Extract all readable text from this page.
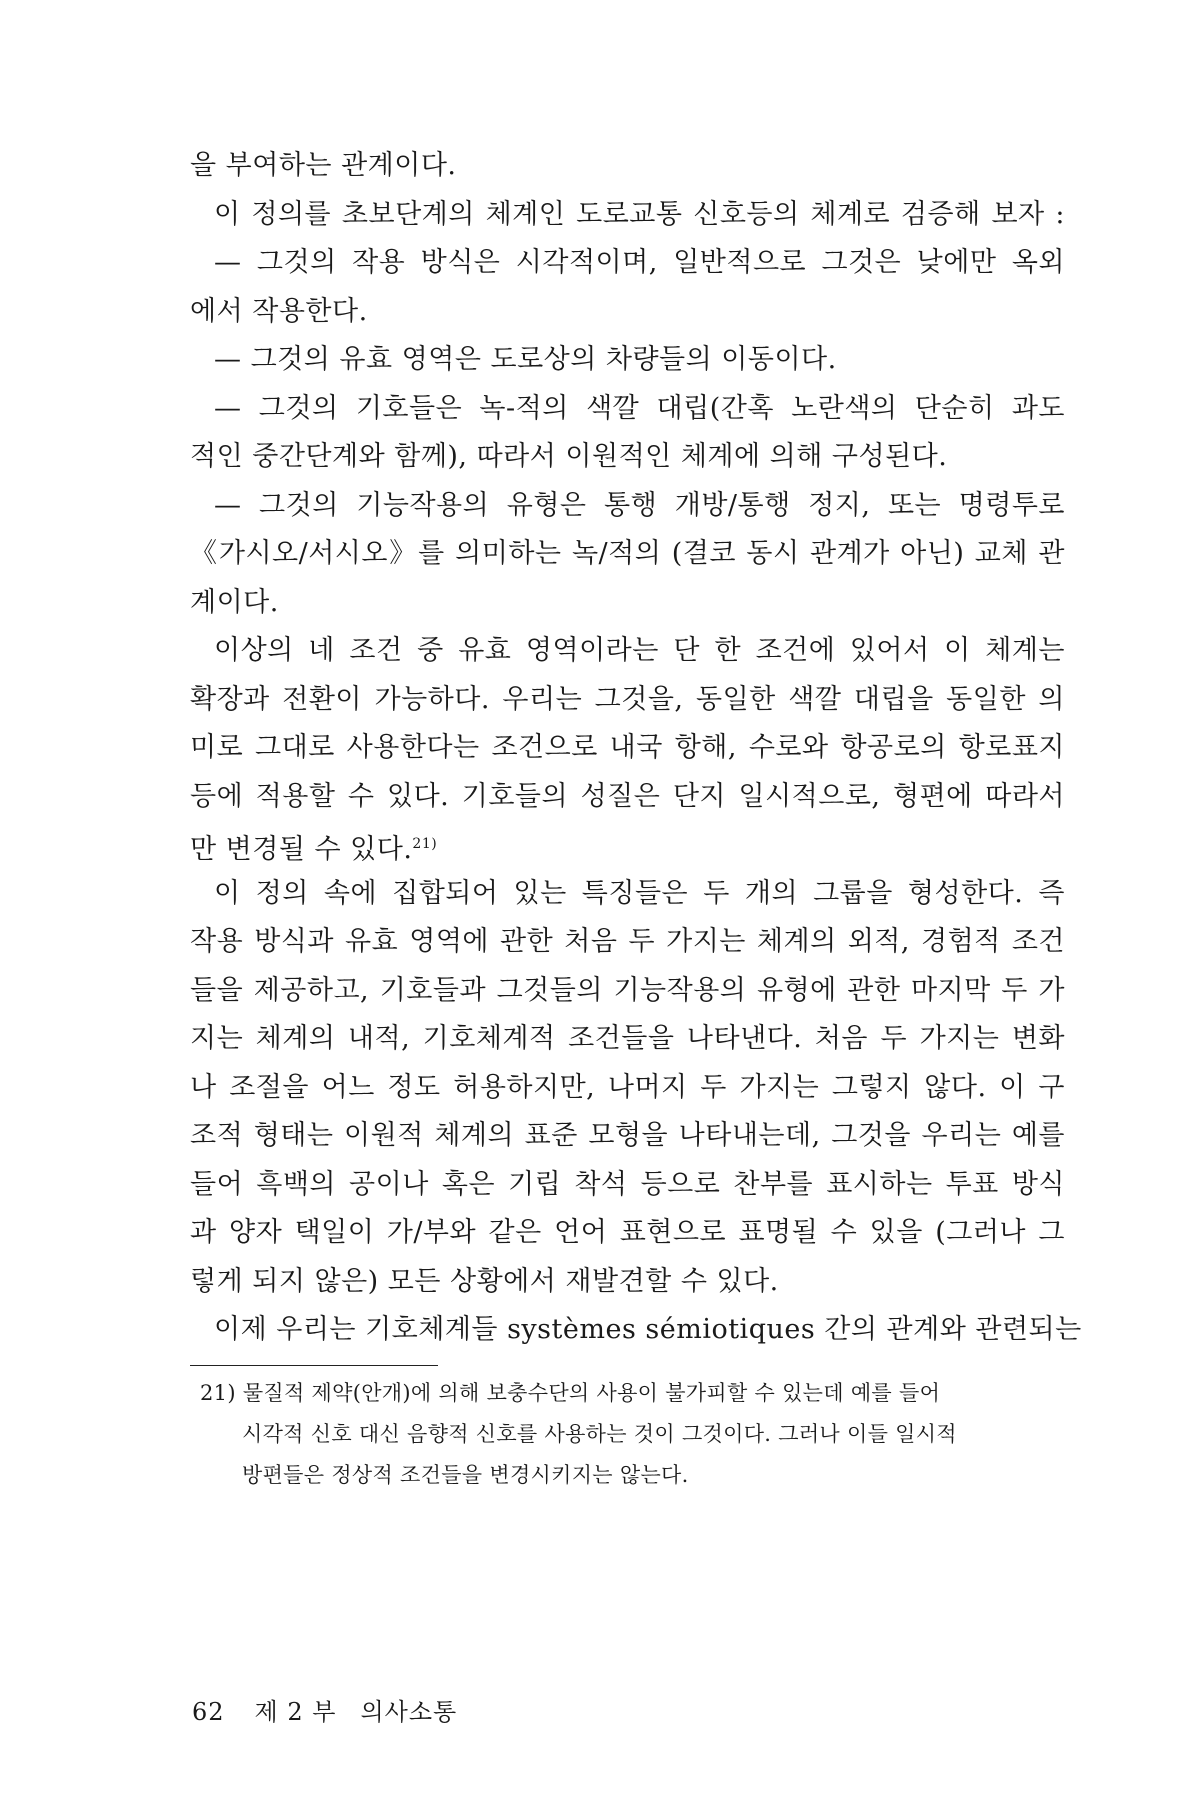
을 부여하는 관계이다.
이 정의를 초보단계의 체계인 도로교통 신호등의 체계로 검증해 보자 :
— 그것의 작용 방식은 시각적이며, 일반적으로 그것은 낮에만 옥외
에서 작용한다.
— 그것의 유효 영역은 도로상의 차량들의 이동이다.
— 그것의 기호들은 녹-적의 색깔 대립(간혹 노란색의 단순히 과도
적인 중간단계와 함께), 따라서 이원적인 체계에 의해 구성된다.
— 그것의 기능작용의 유형은 통행 개방/통행 정지, 또는 명령투로
《가시오/서시오》를 의미하는 녹/적의 (결코 동시 관계가 아닌) 교체 관
계이다.
이상의 네 조건 중 유효 영역이라는 단 한 조건에 있어서 이 체계는
확장과 전환이 가능하다. 우리는 그것을, 동일한 색깔 대립을 동일한 의
미로 그대로 사용한다는 조건으로 내국 항해, 수로와 항공로의 항로표지
등에 적용할 수 있다. 기호들의 성질은 단지 일시적으로, 형편에 따라서
만 변경될 수 있다.$^{21)}$
이 정의 속에 집합되어 있는 특징들은 두 개의 그룹을 형성한다. 즉
작용 방식과 유효 영역에 관한 처음 두 가지는 체계의 외적, 경험적 조건
들을 제공하고, 기호들과 그것들의 기능작용의 유형에 관한 마지막 두 가
지는 체계의 내적, 기호체계적 조건들을 나타낸다. 처음 두 가지는 변화
나 조절을 어느 정도 허용하지만, 나머지 두 가지는 그렇지 않다. 이 구
조적 형태는 이원적 체계의 표준 모형을 나타내는데, 그것을 우리는 예를
들어 흑백의 공이나 혹은 기립 착석 등으로 찬부를 표시하는 투표 방식
과 양자 택일이 가/부와 같은 언어 표현으로 표명될 수 있을 (그러나 그
렇게 되지 않은) 모든 상황에서 재발견할 수 있다.
이제 우리는 기호체계들 systèmes sémiotiques 간의 관계와 관련되는
21) 물질적 제약(안개)에 의해 보충수단의 사용이 불가피할 수 있는데 예를 들어
시각적 신호 대신 음향적 신호를 사용하는 것이 그것이다. 그러나 이들 일시적
방편들은 정상적 조건들을 변경시키지는 않는다.
62 제 2 부 의사소통
